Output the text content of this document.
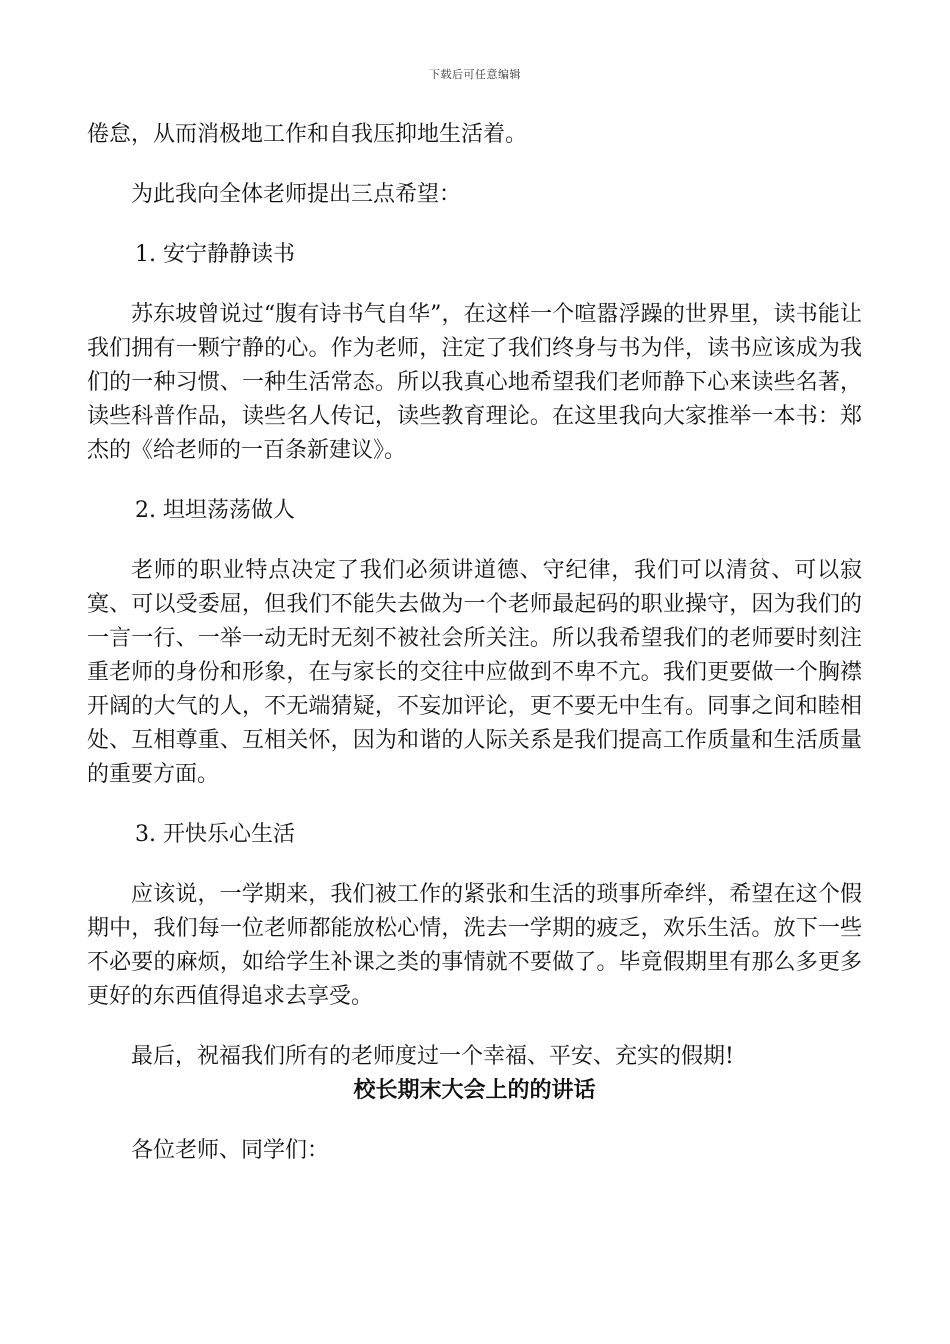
下载后可任意编辑

倦怠，从而消极地工作和自我压抑地生活着。

为此我向全体老师提出三点希望：

1. 安宁静静读书

苏东坡曾说过“腹有诗书气自华”，在这样一个喧嚣浮躁的世界里，读书能让我们拥有一颗宁静的心。作为老师，注定了我们终身与书为伴，读书应该成为我们的一种习惯、一种生活常态。所以我真心地希望我们老师静下心来读些名著，读些科普作品，读些名人传记，读些教育理论。在这里我向大家推举一本书：郑杰的《给老师的一百条新建议》。

2. 坦坦荡荡做人

老师的职业特点决定了我们必须讲道德、守纪律，我们可以清贫、可以寂寞、可以受委屈，但我们不能失去做为一个老师最起码的职业操守，因为我们的一言一行、一举一动无时无刻不被社会所关注。所以我希望我们的老师要时刻注重老师的身份和形象，在与家长的交往中应做到不卑不亢。我们更要做一个胸襟开阔的大气的人，不无端猜疑，不妄加评论，更不要无中生有。同事之间和睦相处、互相尊重、互相关怀，因为和谐的人际关系是我们提高工作质量和生活质量的重要方面。

3. 开快乐心生活

应该说，一学期来，我们被工作的紧张和生活的琐事所牵绊，希望在这个假期中，我们每一位老师都能放松心情，洗去一学期的疲乏，欢乐生活。放下一些不必要的麻烦，如给学生补课之类的事情就不要做了。毕竟假期里有那么多更多更好的东西值得追求去享受。

最后，祝福我们所有的老师度过一个幸福、平安、充实的假期!

校长期末大会上的的讲话

各位老师、同学们：
